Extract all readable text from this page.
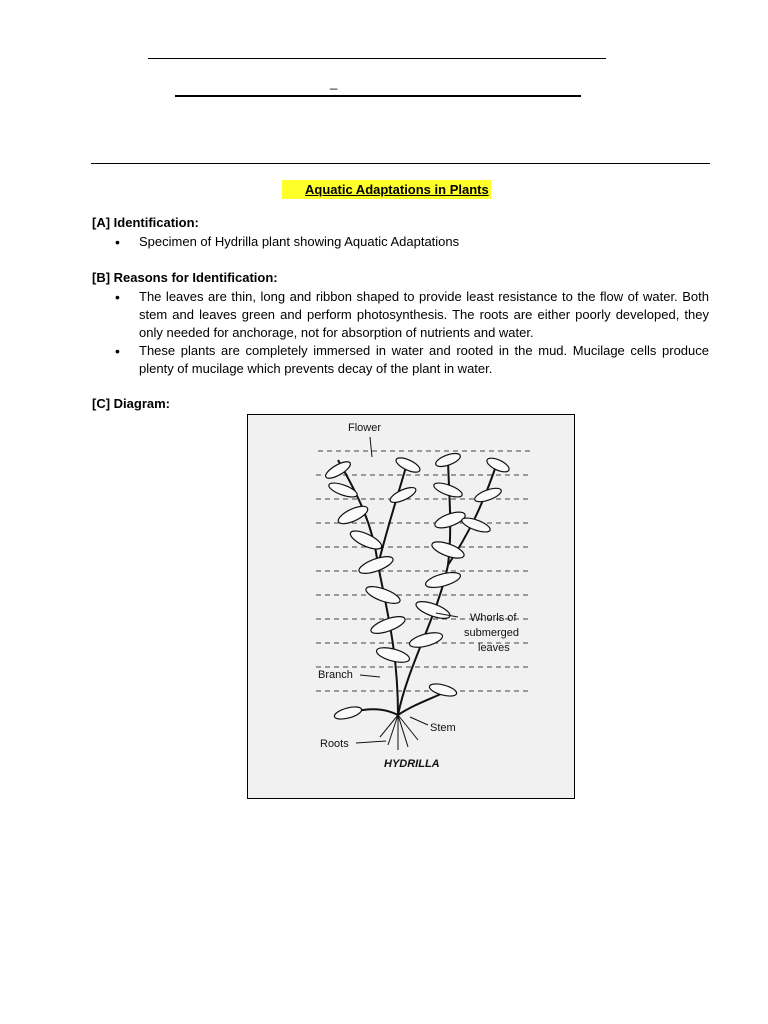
_
Aquatic Adaptations in Plants
[A] Identification:
• Specimen of Hydrilla plant showing Aquatic Adaptations
[B] Reasons for Identification:
• The leaves are thin, long and ribbon shaped to provide least resistance to the flow of water. Both stem and leaves green and perform photosynthesis. The roots are either poorly developed, they only needed for anchorage, not for absorption of nutrients and water.
• These plants are completely immersed in water and rooted in the mud. Mucilage cells produce plenty of mucilage which prevents decay of the plant in water.
[C] Diagram:
Flower
Whorls of
submerged
leaves
Branch
Stem
Roots
HYDRILLA
